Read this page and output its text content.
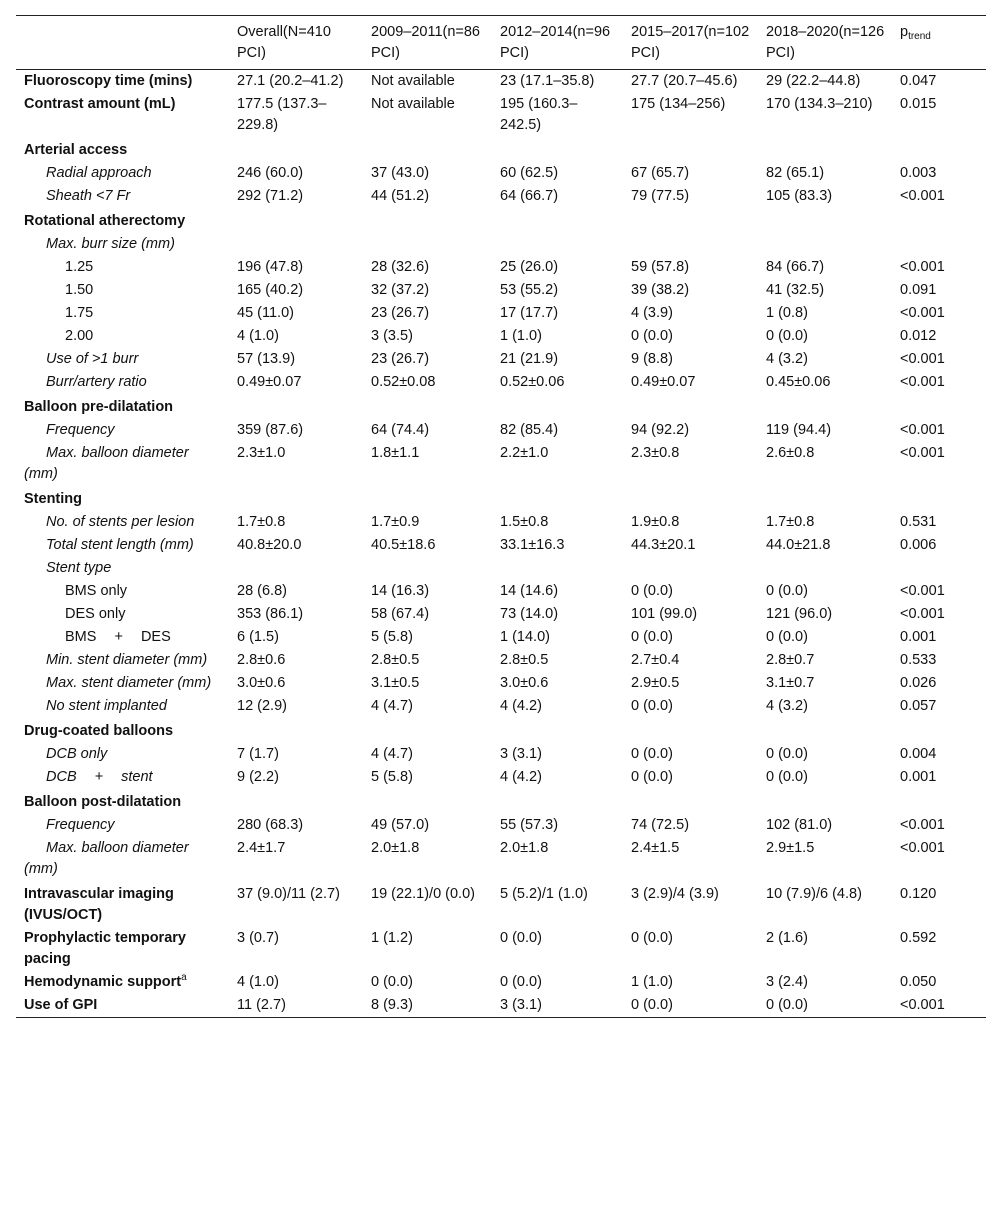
	Overall(N=410 PCI)	2009–2011(n=86 PCI)	2012–2014(n=96 PCI)	2015–2017(n=102 PCI)	2018–2020(n=126 PCI)	$p_{trend}$
Fluoroscopy time (mins)	27.1 (20.2–41.2)	Not available	23 (17.1–35.8)	27.7 (20.7–45.6)	29 (22.2–44.8)	0.047
Contrast amount (mL)	177.5 (137.3–229.8)	Not available	195 (160.3–242.5)	175 (134–256)	170 (134.3–210)	0.015
Arterial access						
Radial approach	246 (60.0)	37 (43.0)	60 (62.5)	67 (65.7)	82 (65.1)	0.003
Sheath <7 Fr	292 (71.2)	44 (51.2)	64 (66.7)	79 (77.5)	105 (83.3)	<0.001
Rotational atherectomy						
Max. burr size (mm)						
1.25	196 (47.8)	28 (32.6)	25 (26.0)	59 (57.8)	84 (66.7)	<0.001
1.50	165 (40.2)	32 (37.2)	53 (55.2)	39 (38.2)	41 (32.5)	0.091
1.75	45 (11.0)	23 (26.7)	17 (17.7)	4 (3.9)	1 (0.8)	<0.001
2.00	4 (1.0)	3 (3.5)	1 (1.0)	0 (0.0)	0 (0.0)	0.012
Use of >1 burr	57 (13.9)	23 (26.7)	21 (21.9)	9 (8.8)	4 (3.2)	<0.001
Burr/artery ratio	0.49±0.07	0.52±0.08	0.52±0.06	0.49±0.07	0.45±0.06	<0.001
Balloon pre-dilatation						
Frequency	359 (87.6)	64 (74.4)	82 (85.4)	94 (92.2)	119 (94.4)	<0.001
Max. balloon diameter (mm)	2.3±1.0	1.8±1.1	2.2±1.0	2.3±0.8	2.6±0.8	<0.001
Stenting						
No. of stents per lesion	1.7±0.8	1.7±0.9	1.5±0.8	1.9±0.8	1.7±0.8	0.531
Total stent length (mm)	40.8±20.0	40.5±18.6	33.1±16.3	44.3±20.1	44.0±21.8	0.006
Stent type						
BMS only	28 (6.8)	14 (16.3)	14 (14.6)	0 (0.0)	0 (0.0)	<0.001
DES only	353 (86.1)	58 (67.4)	73 (14.0)	101 (99.0)	121 (96.0)	<0.001
BMS + DES	6 (1.5)	5 (5.8)	1 (14.0)	0 (0.0)	0 (0.0)	0.001
Min. stent diameter (mm)	2.8±0.6	2.8±0.5	2.8±0.5	2.7±0.4	2.8±0.7	0.533
Max. stent diameter (mm)	3.0±0.6	3.1±0.5	3.0±0.6	2.9±0.5	3.1±0.7	0.026
No stent implanted	12 (2.9)	4 (4.7)	4 (4.2)	0 (0.0)	4 (3.2)	0.057
Drug-coated balloons						
DCB only	7 (1.7)	4 (4.7)	3 (3.1)	0 (0.0)	0 (0.0)	0.004
DCB + stent	9 (2.2)	5 (5.8)	4 (4.2)	0 (0.0)	0 (0.0)	0.001
Balloon post-dilatation						
Frequency	280 (68.3)	49 (57.0)	55 (57.3)	74 (72.5)	102 (81.0)	<0.001
Max. balloon diameter (mm)	2.4±1.7	2.0±1.8	2.0±1.8	2.4±1.5	2.9±1.5	<0.001
Intravascular imaging (IVUS/OCT)	37 (9.0)/11 (2.7)	19 (22.1)/0 (0.0)	5 (5.2)/1 (1.0)	3 (2.9)/4 (3.9)	10 (7.9)/6 (4.8)	0.120
Prophylactic temporary pacing	3 (0.7)	1 (1.2)	0 (0.0)	0 (0.0)	2 (1.6)	0.592
Hemodynamic support$^a$	4 (1.0)	0 (0.0)	0 (0.0)	1 (1.0)	3 (2.4)	0.050
Use of GPI	11 (2.7)	8 (9.3)	3 (3.1)	0 (0.0)	0 (0.0)	<0.001
